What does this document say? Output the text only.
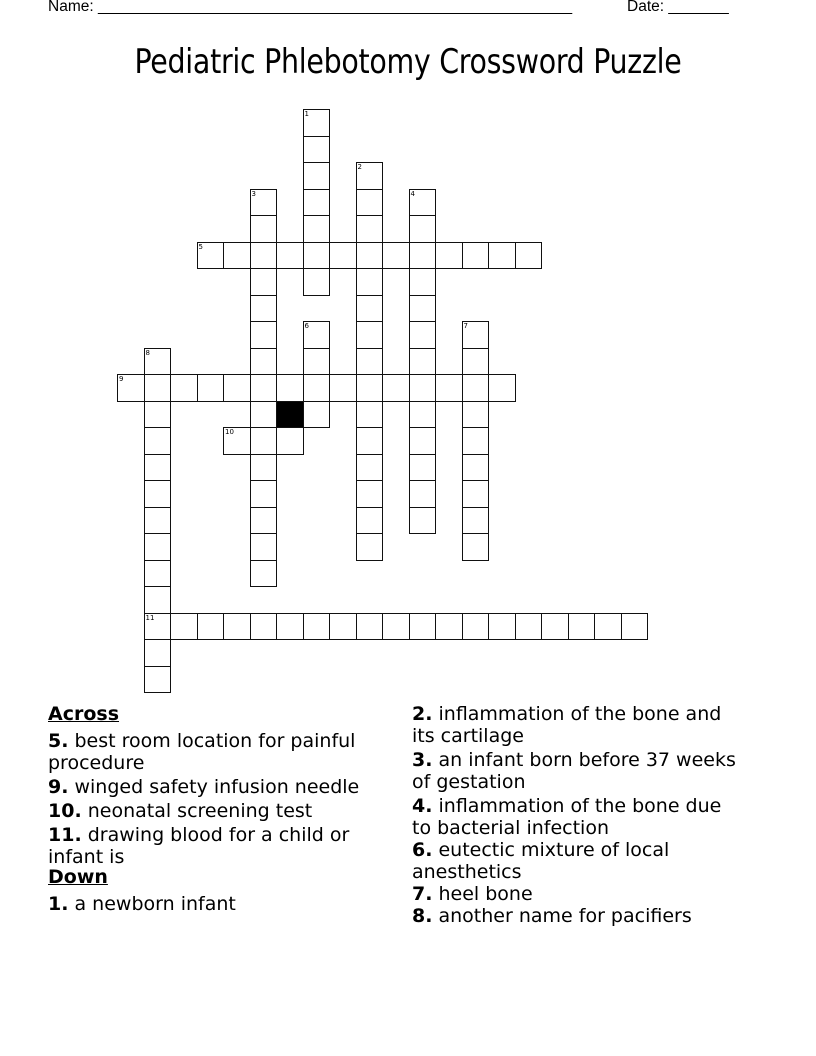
Name: _______________________________________________________	Date: _______
Pediatric Phlebotomy Crossword Puzzle
1
2
3	4
5
6	7
8
11
9
10
Across
5. best room location for painful procedure
9. winged safety infusion needle
10. neonatal screening test
11. drawing blood for a child or infant is
Down
1. a newborn infant
2. inflammation of the bone and its cartilage
3. an infant born before 37 weeks of gestation
4. inflammation of the bone due to bacterial infection
6. eutectic mixture of local anesthetics
7. heel bone
8. another name for pacifiers
